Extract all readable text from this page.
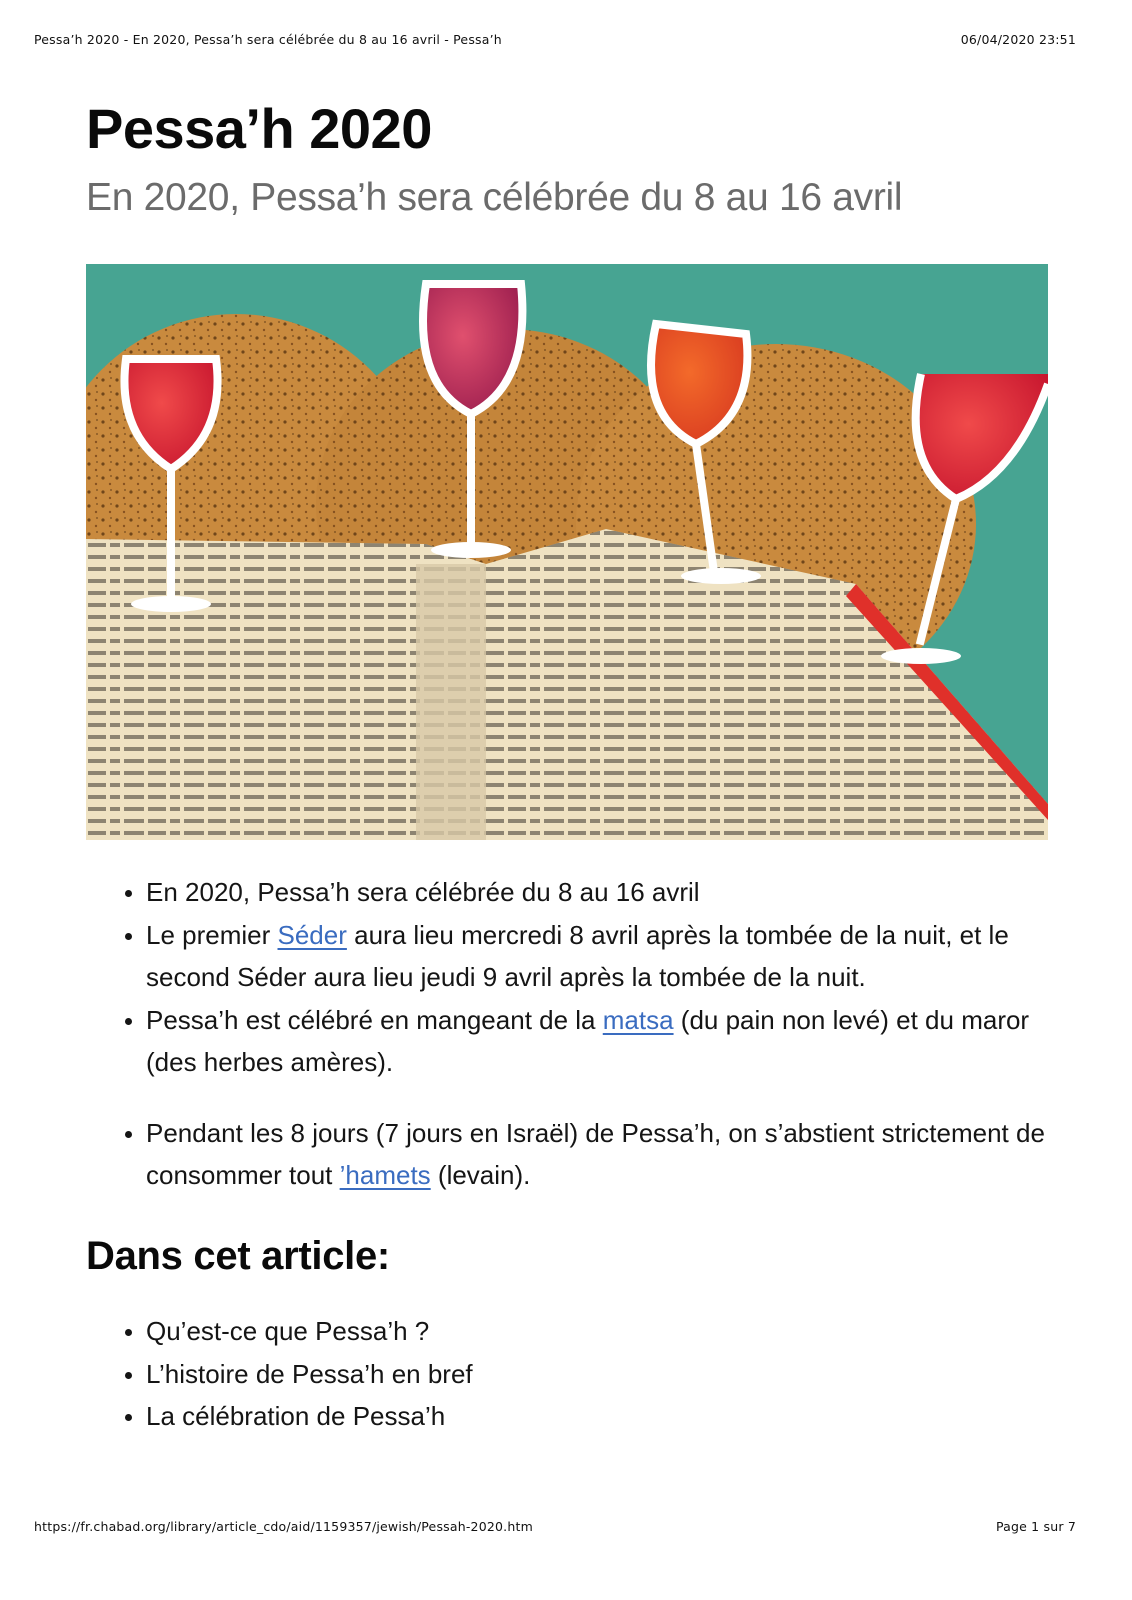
Pessa’h 2020 - En 2020, Pessa’h sera célébrée du 8 au 16 avril - Pessa’h	06/04/2020 23:51
Pessa’h 2020

En 2020, Pessa’h sera célébrée du 8 au 16 avril

• En 2020, Pessa’h sera célébrée du 8 au 16 avril
• Le premier Séder aura lieu mercredi 8 avril après la tombée de la nuit, et le second Séder aura lieu jeudi 9 avril après la tombée de la nuit.
• Pessa’h est célébré en mangeant de la matsa (du pain non levé) et du maror (des herbes amères).
• Pendant les 8 jours (7 jours en Israël) de Pessa’h, on s’abstient strictement de consommer tout ’hamets (levain).
Dans cet article:
• Qu’est-ce que Pessa’h ?
• L’histoire de Pessa’h en bref
• La célébration de Pessa’h
https://fr.chabad.org/library/article_cdo/aid/1159357/jewish/Pessah-2020.htm	Page 1 sur 7
